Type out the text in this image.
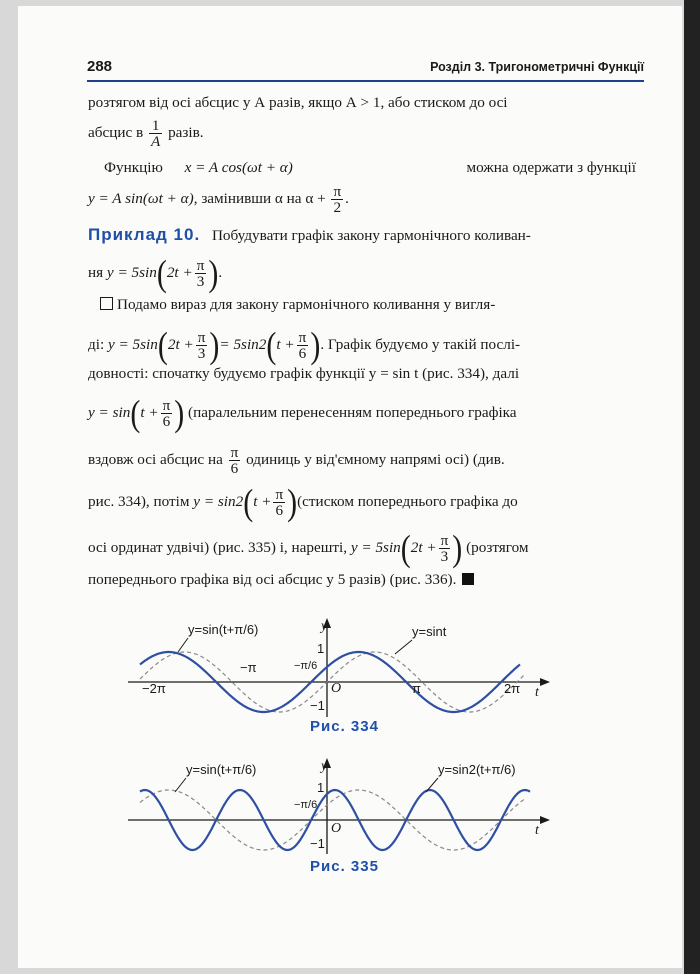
288	Розділ 3. Тригонометричні Функції
розтягом від осі абсцис у А разів, якщо А > 1, або стиском до осі
абсцис в $\frac{1}{A}$ разів.
Функцію x = A cos(ωt + α)	можна одержати з функції
y = A sin(ωt + α), замінивши α на $\alpha + \frac{\pi}{2}$ .
Приклад 10. Побудувати графік закону гармонічного коливан-
ня $y = 5\sin(2t + \frac{\pi}{3}$ ).
Подамо вираз для закону гармонічного коливання у вигля-
ді: $y = 5\sin(2t + \frac{\pi}{3}$ )= $5\sin 2(t + \frac{\pi}{6}$ ). Графік будуємо у такій послі-
довності: спочатку будуємо графік функції y = sin t (рис. 334), далі
$y = \sin(t + \frac{\pi}{6}$ ) (паралельним перенесенням попереднього графіка
вздовж осі абсцис на $\frac{\pi}{6}$ одиниць у від'ємному напрямі осі) (див.
рис. 334), потім $y = \sin 2(t + \frac{\pi}{6}$ )(стиском попереднього графіка до
осі ординат удвічі) (рис. 335) і, нарешті, $y = 5\sin(2t + \frac{\pi}{3}$ ) (розтягом
попереднього графіка від осі абсцис у 5 разів) (рис. 336).
y
t
O
1
−1
−2π
−π	−π/6
π	2π
y=sin(t+π/6)	y=sint
Рис. 334
y
t
O
1
−1
−π/6
y=sin(t+π/6)	y=sin2(t+π/6)
Рис. 335
